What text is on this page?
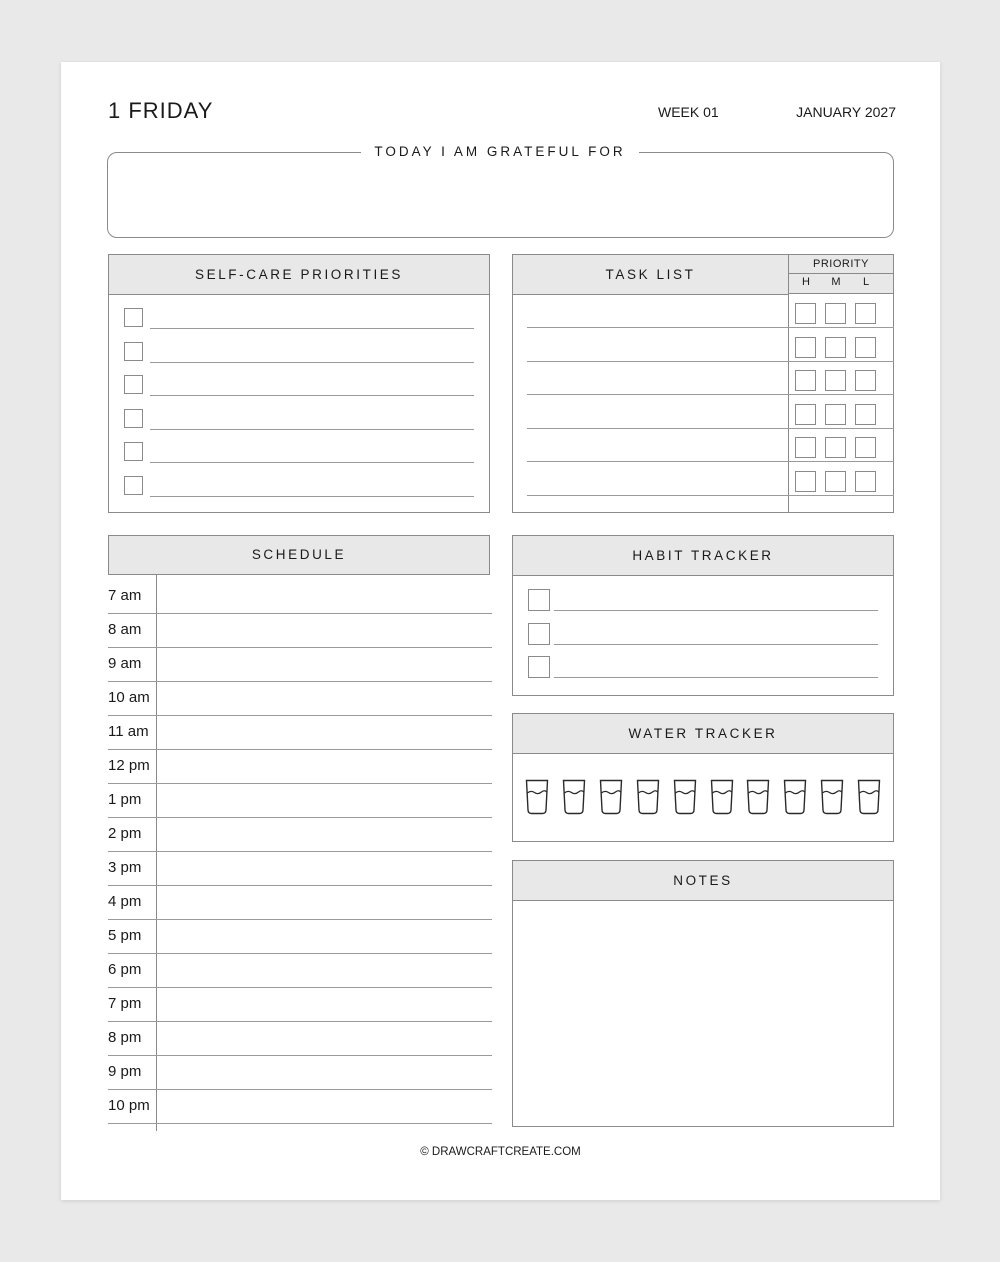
1 FRIDAY	WEEK 01	JANUARY 2027
TODAY I AM GRATEFUL FOR
SELF-CARE PRIORITIES	TASK LIST
PRIORITY
H	M	L
SCHEDULE
7 am
8 am
9 am
10 am
11 am
12 pm
1 pm
2 pm
3 pm
4 pm
5 pm
6 pm
7 pm
8 pm
9 pm
10 pm
HABIT TRACKER
WATER TRACKER
NOTES
© DRAWCRAFTCREATE.COM
